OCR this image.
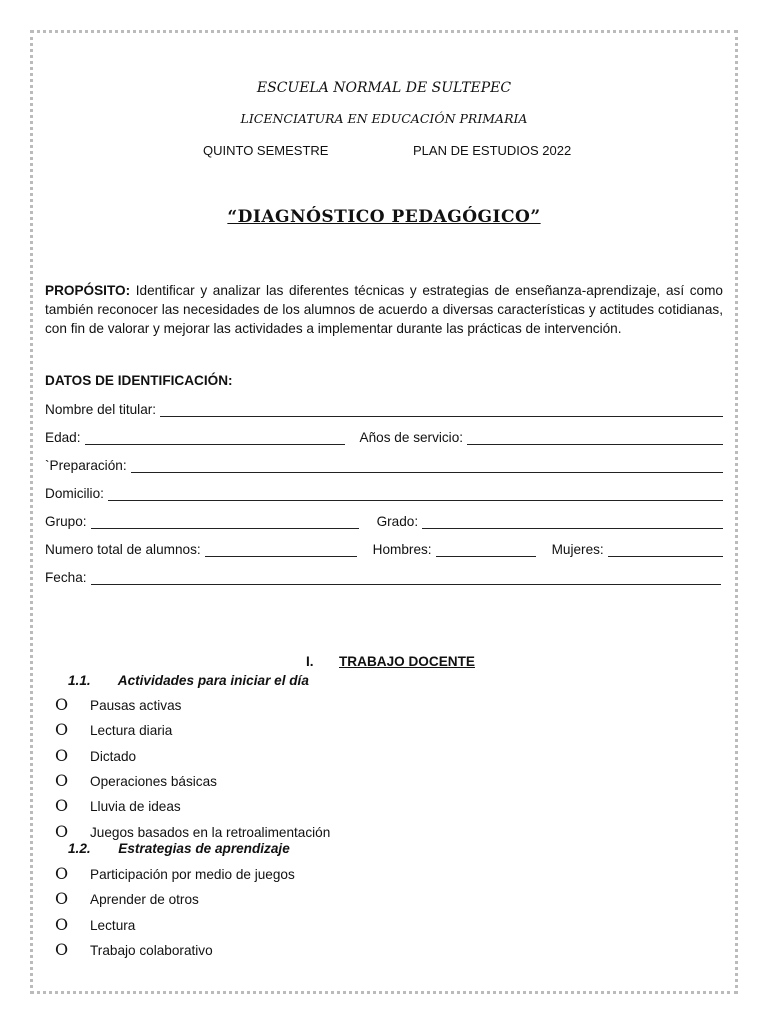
ESCUELA NORMAL DE SULTEPEC
LICENCIATURA EN EDUCACIÓN PRIMARIA
QUINTO SEMESTRE	PLAN DE ESTUDIOS 2022
“DIAGNÓSTICO PEDAGÓGICO”
PROPÓSITO: Identificar y analizar las diferentes técnicas y estrategias de enseñanza-aprendizaje, así como también reconocer las necesidades de los alumnos de acuerdo a diversas características y actitudes cotidianas, con fin de valorar y mejorar las actividades a implementar durante las prácticas de intervención.
DATOS DE IDENTIFICACIÓN:
Nombre del titular:
Edad:	Años de servicio:
`Preparación:
Domicilio:
Grupo:	Grado:
Numero total de alumnos:	Hombres:	Mujeres:
Fecha:
I. TRABAJO DOCENTE
1.1. Actividades para iniciar el día
O	Pausas activas
O	Lectura diaria
O	Dictado
O	Operaciones básicas
O	Lluvia de ideas
O	Juegos basados en la retroalimentación
1.2. Estrategias de aprendizaje
O	Participación por medio de juegos
O	Aprender de otros
O	Lectura
O	Trabajo colaborativo
